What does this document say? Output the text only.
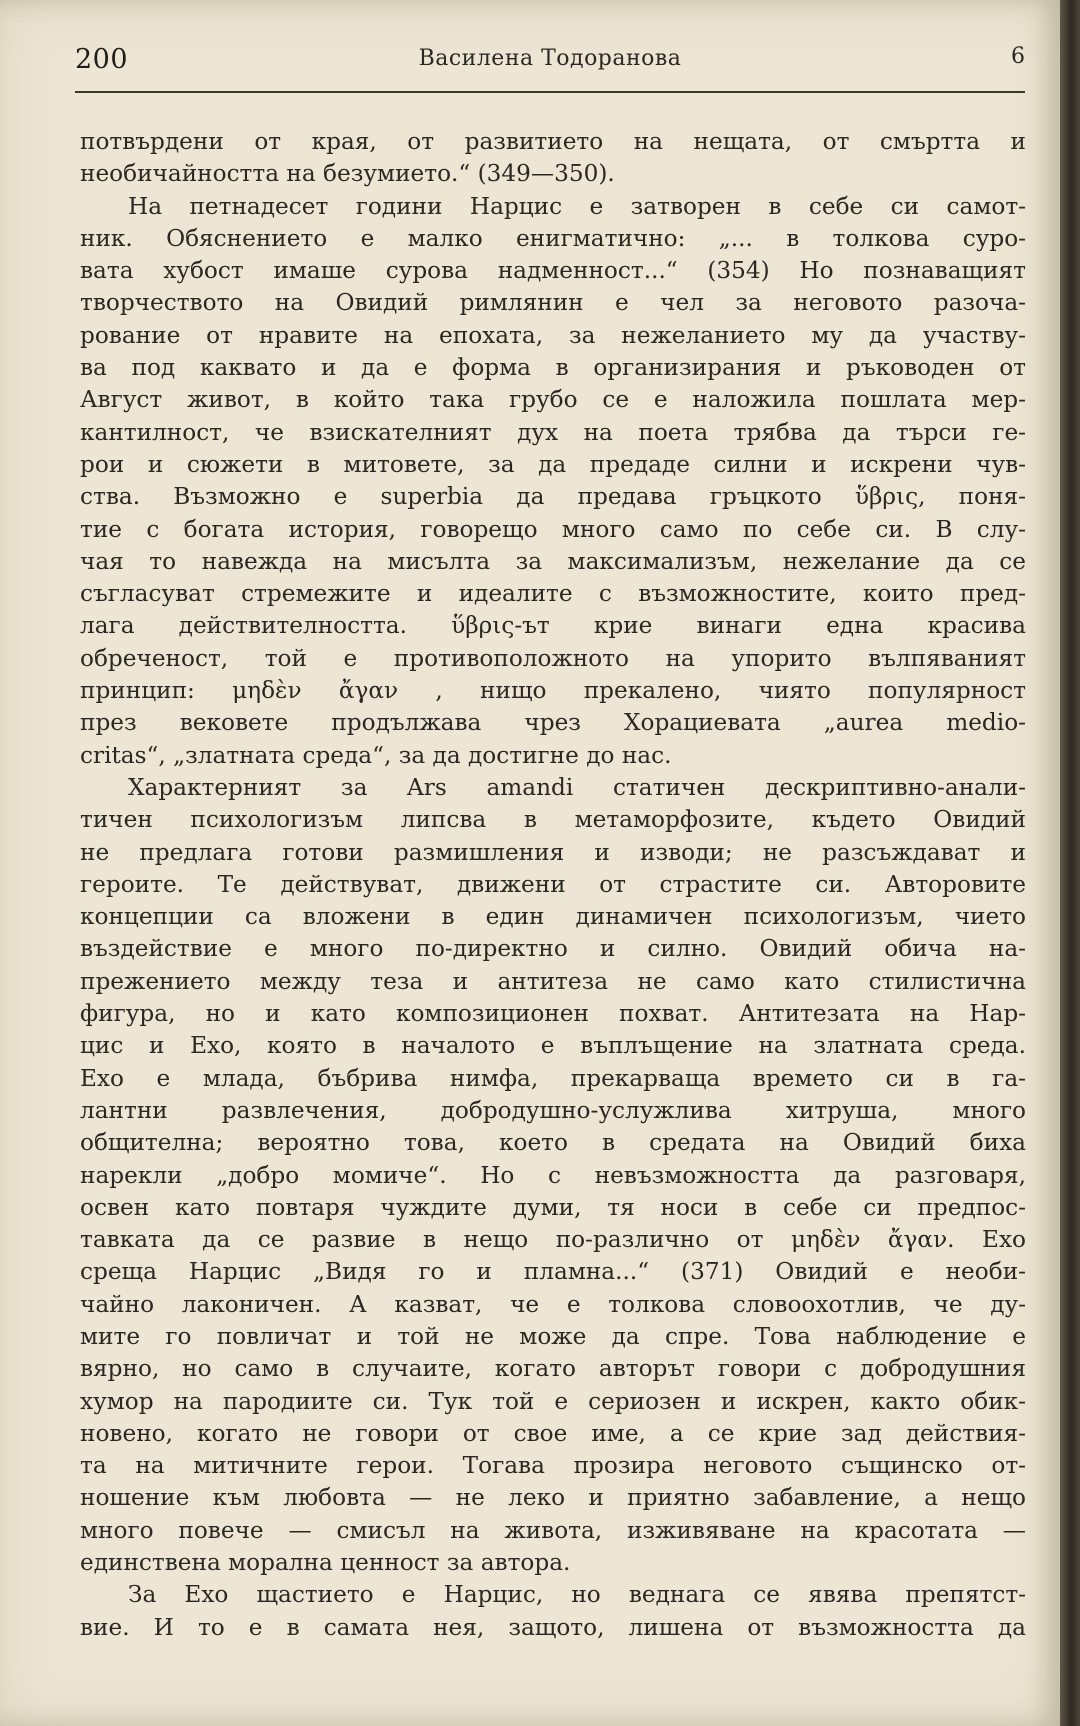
200	Василена Тодоранова	6
потвърдени от края, от развитието на нещата, от смъртта и
необичайността на безумието.“ (349—350).
На петнадесет години Нарцис е затворен в себе си самот-
ник. Обяснението е малко енигматично: „... в толкова суро-
вата хубост имаше сурова надменност...“ (354) Но познаващият
творчеството на Овидий римлянин е чел за неговото разоча-
рование от нравите на епохата, за нежеланието му да участву-
ва под каквато и да е форма в организирания и ръководен от
Август живот, в който така грубо се е наложила пошлата мер-
кантилност, че взискателният дух на поета трябва да търси ге-
рои и сюжети в митовете, за да предаде силни и искрени чув-
ства. Възможно е superbia да предава гръцкото ὕβρις, поня-
тие с богата история, говорещо много само по себе си. В слу-
чая то навежда на мисълта за максимализъм, нежелание да се
съгласуват стремежите и идеалите с възможностите, които пред-
лага действителността. ὕβρις-ът крие винаги една красива
обреченост, той е противоположното на упорито вълпяваният
принцип: μηδὲν ἄγαν , нищо прекалено, чиято популярност
през вековете продължава чрез Хорациевата „aurea medio-
critas“, „златната среда“, за да достигне до нас.
Характерният за Ars amandi статичен дескриптивно-анали-
тичен психологизъм липсва в метаморфозите, където Овидий
не предлага готови размишления и изводи; не разсъждават и
героите. Те действуват, движени от страстите си. Авторовите
концепции са вложени в един динамичен психологизъм, чието
въздействие е много по-директно и силно. Овидий обича на-
прежението между теза и антитеза не само като стилистична
фигура, но и като композиционен похват. Антитезата на Нар-
цис и Ехо, която в началото е въплъщение на златната среда.
Ехо е млада, бъбрива нимфа, прекарваща времето си в га-
лантни развлечения, добродушно-услужлива хитруша, много
общителна; вероятно това, което в средата на Овидий биха
нарекли „добро момиче“. Но с невъзможността да разговаря,
освен като повтаря чуждите думи, тя носи в себе си предпос-
тавката да се развие в нещо по-различно от μηδὲν ἄγαν. Ехо
среща Нарцис „Видя го и пламна...“ (371) Овидий е необи-
чайно лаконичен. А казват, че е толкова словоохотлив, че ду-
мите го повличат и той не може да спре. Това наблюдение е
вярно, но само в случаите, когато авторът говори с добродушния
хумор на пародиите си. Тук той е сериозен и искрен, както обик-
новено, когато не говори от свое име, а се крие зад действия-
та на митичните герои. Тогава прозира неговото същинско от-
ношение към любовта — не леко и приятно забавление, а нещо
много повече — смисъл на живота, изживяване на красотата —
единствена морална ценност за автора.
За Ехо щастието е Нарцис, но веднага се явява препятст-
вие. И то е в самата нея, защото, лишена от възможността да
